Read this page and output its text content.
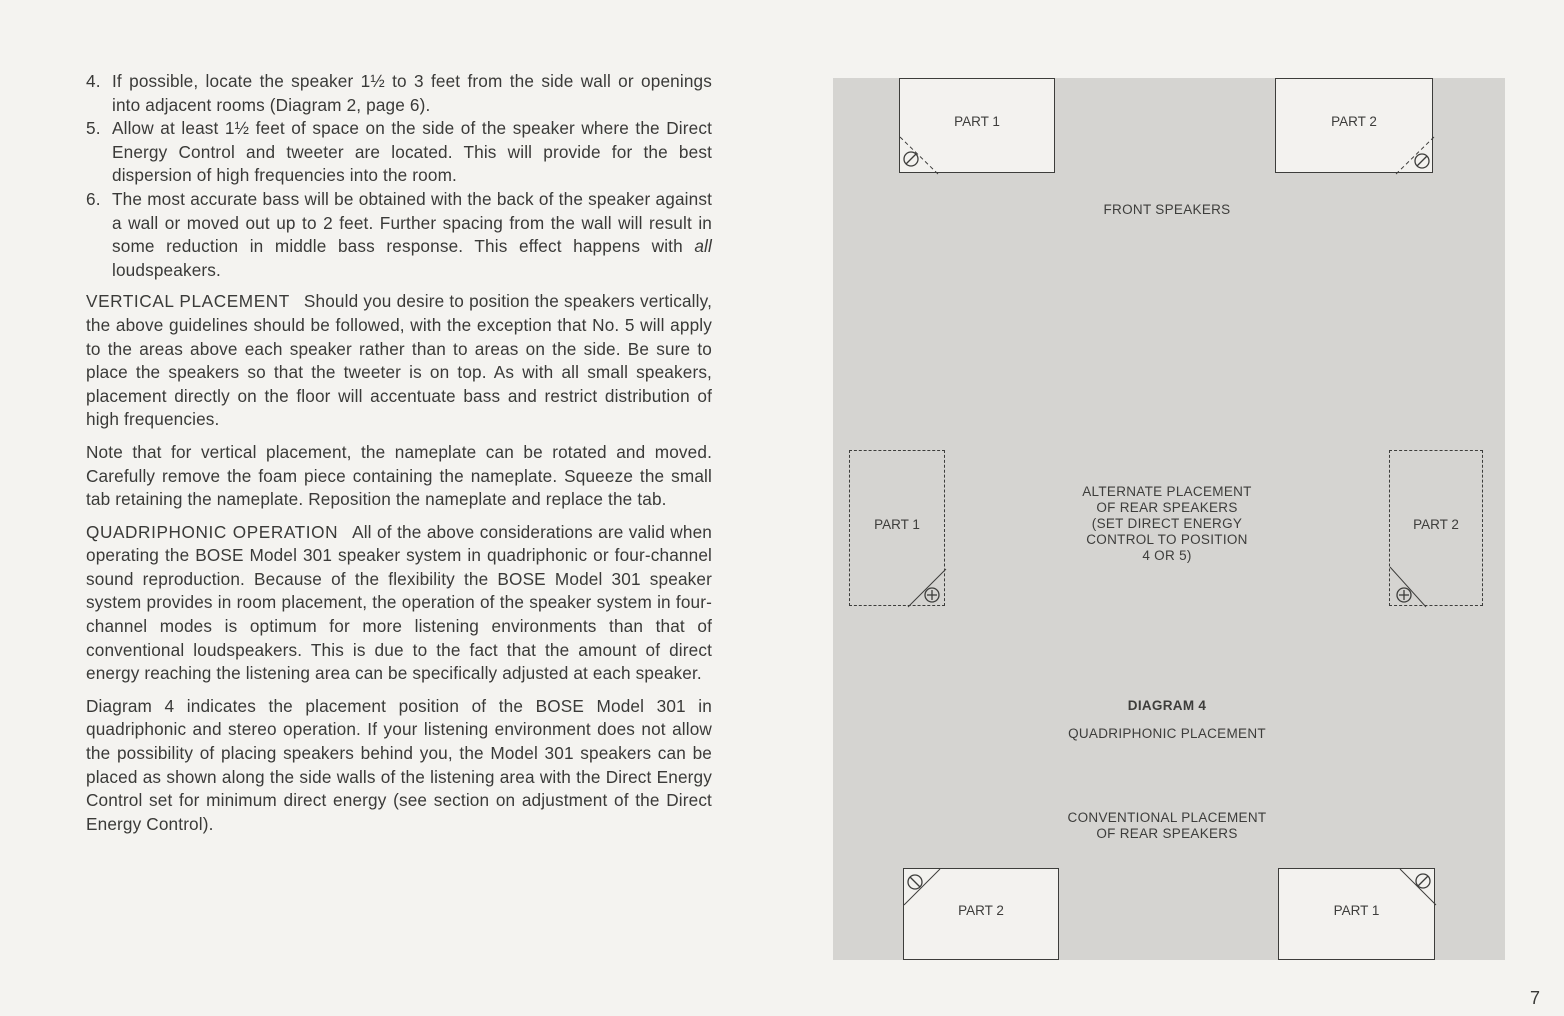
4. If possible, locate the speaker 1½ to 3 feet from the side wall or openings into adjacent rooms (Diagram 2, page 6).
5. Allow at least 1½ feet of space on the side of the speaker where the Direct Energy Control and tweeter are located. This will provide for the best dispersion of high frequencies into the room.
6. The most accurate bass will be obtained with the back of the speaker against a wall or moved out up to 2 feet. Further spacing from the wall will result in some reduction in middle bass response. This effect happens with all loudspeakers.

VERTICAL PLACEMENT Should you desire to position the speakers vertically, the above guidelines should be followed, with the exception that No. 5 will apply to the areas above each speaker rather than to areas on the side. Be sure to place the speakers so that the tweeter is on top. As with all small speakers, placement directly on the floor will accentuate bass and restrict distribution of high frequencies.

Note that for vertical placement, the nameplate can be rotated and moved. Carefully remove the foam piece containing the nameplate. Squeeze the small tab retaining the nameplate. Reposition the nameplate and replace the tab.

QUADRIPHONIC OPERATION All of the above considerations are valid when operating the BOSE Model 301 speaker system in quadriphonic or four-channel sound reproduction. Because of the flexibility the BOSE Model 301 speaker system provides in room placement, the operation of the speaker system in four-channel modes is optimum for more listening environments than that of conventional loudspeakers. This is due to the fact that the amount of direct energy reaching the listening area can be specifically adjusted at each speaker.

Diagram 4 indicates the placement position of the BOSE Model 301 in quadriphonic and stereo operation. If your listening environment does not allow the possibility of placing speakers behind you, the Model 301 speakers can be placed as shown along the side walls of the listening area with the Direct Energy Control set for minimum direct energy (see section on adjustment of the Direct Energy Control).

PART 1	PART 2
FRONT SPEAKERS
PART 1
ALTERNATE PLACEMENT
OF REAR SPEAKERS
(SET DIRECT ENERGY
CONTROL TO POSITION
4 OR 5)
PART 2
DIAGRAM 4
QUADRIPHONIC PLACEMENT
CONVENTIONAL PLACEMENT
OF REAR SPEAKERS
PART 2	PART 1
7
